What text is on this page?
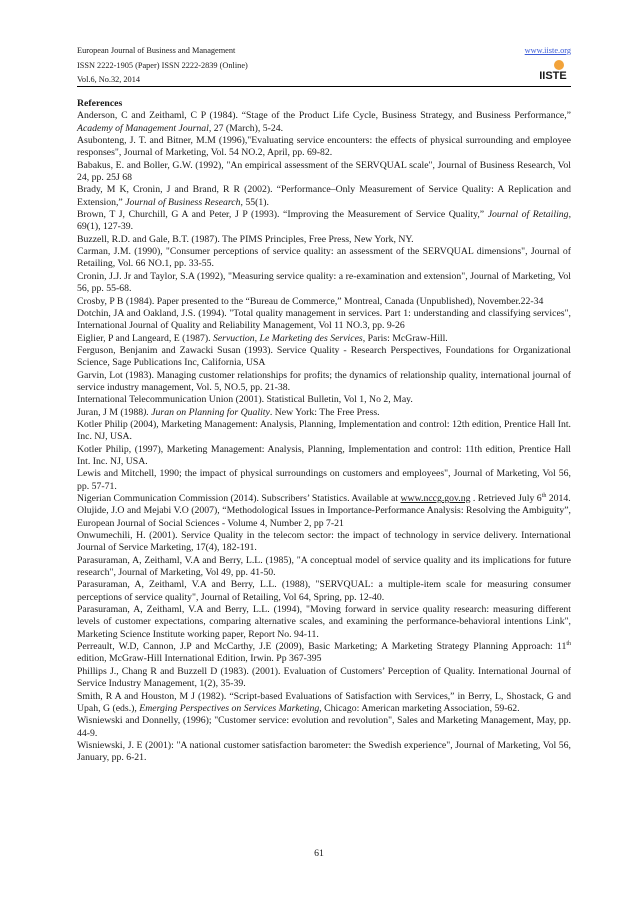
European Journal of Business and Management
ISSN 2222-1905 (Paper) ISSN 2222-2839 (Online)
Vol.6, No.32, 2014
www.iiste.org
IISTE
References

Anderson, C and Zeithaml, C P (1984). “Stage of the Product Life Cycle, Business Strategy, and Business Performance,” Academy of Management Journal, 27 (March), 5-24.

Asubonteng, J. T. and Bitner, M.M (1996),"Evaluating service encounters: the effects of physical surrounding and employee responses", Journal of Marketing, Vol. 54 NO.2, April, pp. 69-82.

Babakus, E. and Boller, G.W. (1992), "An empirical assessment of the SERVQUAL scale", Journal of Business Research, Vol 24, pp. 25J 68

Brady, M K, Cronin, J and Brand, R R (2002). “Performance–Only Measurement of Service Quality: A Replication and Extension,” Journal of Business Research, 55(1).

Brown, T J, Churchill, G A and Peter, J P (1993). “Improving the Measurement of Service Quality,” Journal of Retailing, 69(1), 127-39.

Buzzell, R.D. and Gale, B.T. (1987). The PIMS Principles, Free Press, New York, NY.

Carman, J.M. (1990), "Consumer perceptions of service quality: an assessment of the SERVQUAL dimensions", Journal of Retailing, Vol. 66 NO.1, pp. 33-55.

Cronin, J.J. Jr and Taylor, S.A (1992), "Measuring service quality: a re-examination and extension", Journal of Marketing, Vol 56, pp. 55-68.

Crosby, P B (1984). Paper presented to the “Bureau de Commerce,” Montreal, Canada (Unpublished), November.22-34

Dotchin, JA and Oakland, J.S. (1994). "Total quality management in services. Part 1: understanding and classifying services", International Journal of Quality and Reliability Management, Vol 11 NO.3, pp. 9-26

Eiglier, P and Langeard, E (1987). Servuction, Le Marketing des Services, Paris: McGraw-Hill.

Ferguson, Benjanim and Zawacki Susan (1993). Service Quality - Research Perspectives, Foundations for Organizational Science, Sage Publications Inc, California, USA

Garvin, Lot (1983). Managing customer relationships for profits; the dynamics of relationship quality, international journal of service industry management, Vol. 5, NO.5, pp. 21-38.

International Telecommunication Union (2001). Statistical Bulletin, Vol 1, No 2, May.

Juran, J M (1988). Juran on Planning for Quality. New York: The Free Press.

Kotler Philip (2004), Marketing Management: Analysis, Planning, Implementation and control: 12th edition, Prentice Hall Int. Inc. NJ, USA.

Kotler Philip, (1997), Marketing Management: Analysis, Planning, Implementation and control: 11th edition, Prentice Hall Int. Inc. NJ, USA.

Lewis and Mitchell, 1990; the impact of physical surroundings on customers and employees", Journal of Marketing, Vol 56, pp. 57-71.

Nigerian Communication Commission (2014). Subscribers’ Statistics. Available at www.nccg.gov.ng . Retrieved July 6th 2014.

Olujide, J.O and Mejabi V.O (2007), “Methodological Issues in Importance-Performance Analysis: Resolving the Ambiguity”, European Journal of Social Sciences - Volume 4, Number 2, pp 7-21

Onwumechili, H. (2001). Service Quality in the telecom sector: the impact of technology in service delivery. International Journal of Service Marketing, 17(4), 182-191.

Parasuraman, A, Zeithaml, V.A and Berry, L.L. (1985), "A conceptual model of service quality and its implications for future research", Journal of Marketing, Vol 49, pp. 41-50.

Parasuraman, A, Zeithaml, V.A and Berry, L.L. (1988), "SERVQUAL: a multiple-item scale for measuring consumer perceptions of service quality", Journal of Retailing, Vol 64, Spring, pp. 12-40.

Parasuraman, A, Zeithaml, V.A and Berry, L.L. (1994), "Moving forward in service quality research: measuring different levels of customer expectations, comparing alternative scales, and examining the performance-behavioral intentions Link", Marketing Science Institute working paper, Report No. 94-11.

Perreault, W.D, Cannon, J.P and McCarthy, J.E (2009), Basic Marketing; A Marketing Strategy Planning Approach: 11th edition, McGraw-Hill International Edition, Irwin. Pp 367-395

Phillips J., Chang R and Buzzell D (1983). (2001). Evaluation of Customers’ Perception of Quality. International Journal of Service Industry Management, 1(2), 35-39.

Smith, R A and Houston, M J (1982). “Script-based Evaluations of Satisfaction with Services,” in Berry, L, Shostack, G and Upah, G (eds.), Emerging Perspectives on Services Marketing, Chicago: American marketing Association, 59-62.

Wisniewski and Donnelly, (1996); "Customer service: evolution and revolution", Sales and Marketing Management, May, pp. 44-9.

Wisniewski, J. E (2001): "A national customer satisfaction barometer: the Swedish experience", Journal of Marketing, Vol 56, January, pp. 6-21.

61
